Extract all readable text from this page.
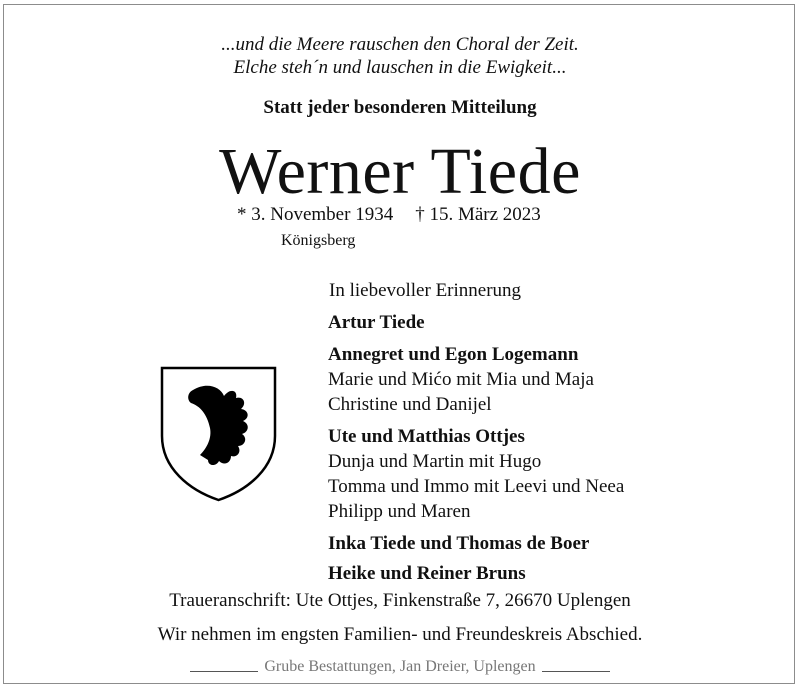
...und die Meere rauschen den Choral der Zeit.
Elche steh´n und lauschen in die Ewigkeit...
Statt jeder besonderen Mitteilung
Werner Tiede
* 3. November 1934 † 15. März 2023
Königsberg
In liebevoller Erinnerung
Artur Tiede
Annegret und Egon Logemann
Marie und Mićo mit Mia und Maja
Christine und Danijel
Ute und Matthias Ottjes
Dunja und Martin mit Hugo
Tomma und Immo mit Leevi und Neea
Philipp und Maren
Inka Tiede und Thomas de Boer
Heike und Reiner Bruns
Traueranschrift: Ute Ottjes, Finkenstraße 7, 26670 Uplengen
Wir nehmen im engsten Familien- und Freundeskreis Abschied.
Grube Bestattungen, Jan Dreier, Uplengen
